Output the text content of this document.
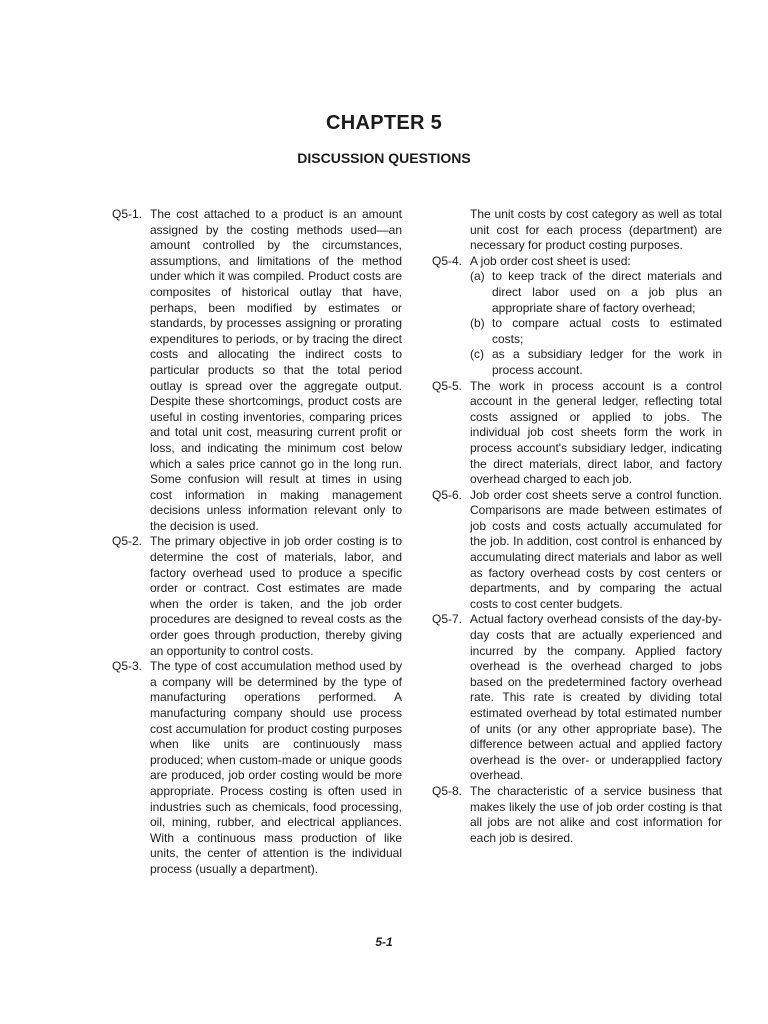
CHAPTER 5
DISCUSSION QUESTIONS
Q5-1. The cost attached to a product is an amount assigned by the costing methods used—an amount controlled by the circumstances, assumptions, and limitations of the method under which it was compiled. Product costs are composites of historical outlay that have, perhaps, been modified by estimates or standards, by processes assigning or prorating expenditures to periods, or by tracing the direct costs and allocating the indirect costs to particular products so that the total period outlay is spread over the aggregate output. Despite these shortcomings, product costs are useful in costing inventories, comparing prices and total unit cost, measuring current profit or loss, and indicating the minimum cost below which a sales price cannot go in the long run. Some confusion will result at times in using cost information in making management decisions unless information relevant only to the decision is used.
Q5-2. The primary objective in job order costing is to determine the cost of materials, labor, and factory overhead used to produce a specific order or contract. Cost estimates are made when the order is taken, and the job order procedures are designed to reveal costs as the order goes through production, thereby giving an opportunity to control costs.
Q5-3. The type of cost accumulation method used by a company will be determined by the type of manufacturing operations performed. A manufacturing company should use process cost accumulation for product costing purposes when like units are continuously mass produced; when custom-made or unique goods are produced, job order costing would be more appropriate. Process costing is often used in industries such as chemicals, food processing, oil, mining, rubber, and electrical appliances. With a continuous mass production of like units, the center of attention is the individual process (usually a department).
The unit costs by cost category as well as total unit cost for each process (department) are necessary for product costing purposes.
Q5-4. A job order cost sheet is used:
(a) to keep track of the direct materials and direct labor used on a job plus an appropriate share of factory overhead;
(b) to compare actual costs to estimated costs;
(c) as a subsidiary ledger for the work in process account.
Q5-5. The work in process account is a control account in the general ledger, reflecting total costs assigned or applied to jobs. The individual job cost sheets form the work in process account's subsidiary ledger, indicating the direct materials, direct labor, and factory overhead charged to each job.
Q5-6. Job order cost sheets serve a control function. Comparisons are made between estimates of job costs and costs actually accumulated for the job. In addition, cost control is enhanced by accumulating direct materials and labor as well as factory overhead costs by cost centers or departments, and by comparing the actual costs to cost center budgets.
Q5-7. Actual factory overhead consists of the day-by-day costs that are actually experienced and incurred by the company. Applied factory overhead is the overhead charged to jobs based on the predetermined factory overhead rate. This rate is created by dividing total estimated overhead by total estimated number of units (or any other appropriate base). The difference between actual and applied factory overhead is the over- or underapplied factory overhead.
Q5-8. The characteristic of a service business that makes likely the use of job order costing is that all jobs are not alike and cost information for each job is desired.
5-1
